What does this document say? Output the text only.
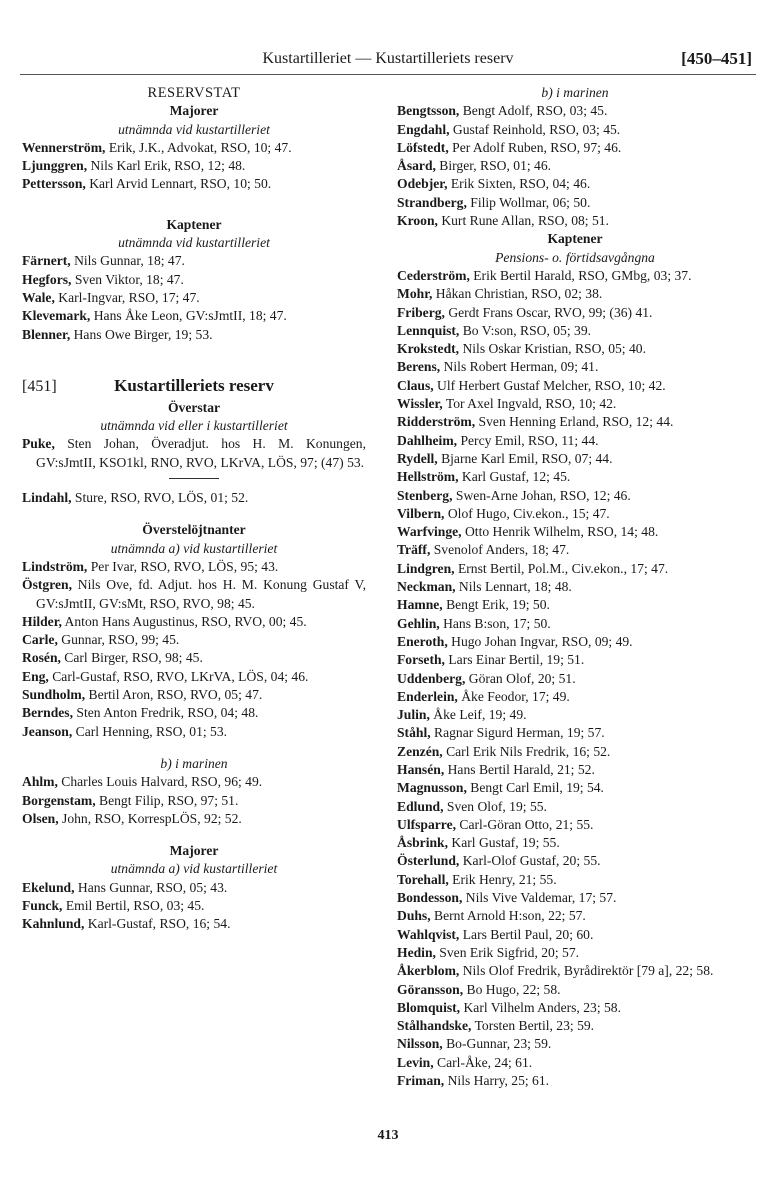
Kustartilleriet — Kustartilleriets reserv	[450–451]
RESERVSTAT
Majorer
utnämnda vid kustartilleriet
Wennerström, Erik, J.K., Advokat, RSO, 10; 47.
Ljunggren, Nils Karl Erik, RSO, 12; 48.
Pettersson, Karl Arvid Lennart, RSO, 10; 50.
Kaptener
utnämnda vid kustartilleriet
Färnert, Nils Gunnar, 18; 47.
Hegfors, Sven Viktor, 18; 47.
Wale, Karl-Ingvar, RSO, 17; 47.
Klevemark, Hans Åke Leon, GV:sJmtII, 18; 47.
Blenner, Hans Owe Birger, 19; 53.
[451]	Kustartilleriets reserv
Överstar
utnämnda vid eller i kustartilleriet
Puke, Sten Johan, Överadjut. hos H. M. Konungen, GV:sJmtII, KSO1kl, RNO, RVO, LKrVA, LÖS, 97; (47) 53.
Lindahl, Sture, RSO, RVO, LÖS, 01; 52.
Överstelöjtnanter
utnämnda a) vid kustartilleriet
Lindström, Per Ivar, RSO, RVO, LÖS, 95; 43.
Östgren, Nils Ove, fd. Adjut. hos H. M. Konung Gustaf V, GV:sJmtII, GV:sMt, RSO, RVO, 98; 45.
Hilder, Anton Hans Augustinus, RSO, RVO, 00; 45.
Carle, Gunnar, RSO, 99; 45.
Rosén, Carl Birger, RSO, 98; 45.
Eng, Carl-Gustaf, RSO, RVO, LKrVA, LÖS, 04; 46.
Sundholm, Bertil Aron, RSO, RVO, 05; 47.
Berndes, Sten Anton Fredrik, RSO, 04; 48.
Jeanson, Carl Henning, RSO, 01; 53.
b) i marinen
Ahlm, Charles Louis Halvard, RSO, 96; 49.
Borgenstam, Bengt Filip, RSO, 97; 51.
Olsen, John, RSO, KorrespLÖS, 92; 52.
Majorer
utnämnda a) vid kustartilleriet
Ekelund, Hans Gunnar, RSO, 05; 43.
Funck, Emil Bertil, RSO, 03; 45.
Kahnlund, Karl-Gustaf, RSO, 16; 54.
b) i marinen
Bengtsson, Bengt Adolf, RSO, 03; 45.
Engdahl, Gustaf Reinhold, RSO, 03; 45.
Löfstedt, Per Adolf Ruben, RSO, 97; 46.
Åsard, Birger, RSO, 01; 46.
Odebjer, Erik Sixten, RSO, 04; 46.
Strandberg, Filip Wollmar, 06; 50.
Kroon, Kurt Rune Allan, RSO, 08; 51.
Kaptener
Pensions- o. förtidsavgångna
Cederström, Erik Bertil Harald, RSO, GMbg, 03; 37.
Mohr, Håkan Christian, RSO, 02; 38.
Friberg, Gerdt Frans Oscar, RVO, 99; (36) 41.
Lennquist, Bo V:son, RSO, 05; 39.
Krokstedt, Nils Oskar Kristian, RSO, 05; 40.
Berens, Nils Robert Herman, 09; 41.
Claus, Ulf Herbert Gustaf Melcher, RSO, 10; 42.
Wissler, Tor Axel Ingvald, RSO, 10; 42.
Ridderström, Sven Henning Erland, RSO, 12; 44.
Dahlheim, Percy Emil, RSO, 11; 44.
Rydell, Bjarne Karl Emil, RSO, 07; 44.
Hellström, Karl Gustaf, 12; 45.
Stenberg, Swen-Arne Johan, RSO, 12; 46.
Vilbern, Olof Hugo, Civ.ekon., 15; 47.
Warfvinge, Otto Henrik Wilhelm, RSO, 14; 48.
Träff, Svenolof Anders, 18; 47.
Lindgren, Ernst Bertil, Pol.M., Civ.ekon., 17; 47.
Neckman, Nils Lennart, 18; 48.
Hamne, Bengt Erik, 19; 50.
Gehlin, Hans B:son, 17; 50.
Eneroth, Hugo Johan Ingvar, RSO, 09; 49.
Forseth, Lars Einar Bertil, 19; 51.
Uddenberg, Göran Olof, 20; 51.
Enderlein, Åke Feodor, 17; 49.
Julin, Åke Leif, 19; 49.
Ståhl, Ragnar Sigurd Herman, 19; 57.
Zenzén, Carl Erik Nils Fredrik, 16; 52.
Hansén, Hans Bertil Harald, 21; 52.
Magnusson, Bengt Carl Emil, 19; 54.
Edlund, Sven Olof, 19; 55.
Ulfsparre, Carl-Göran Otto, 21; 55.
Åsbrink, Karl Gustaf, 19; 55.
Österlund, Karl-Olof Gustaf, 20; 55.
Torehall, Erik Henry, 21; 55.
Bondesson, Nils Vive Valdemar, 17; 57.
Duhs, Bernt Arnold H:son, 22; 57.
Wahlqvist, Lars Bertil Paul, 20; 60.
Hedin, Sven Erik Sigfrid, 20; 57.
Åkerblom, Nils Olof Fredrik, Byrådirektör [79 a], 22; 58.
Göransson, Bo Hugo, 22; 58.
Blomquist, Karl Vilhelm Anders, 23; 58.
Stålhandske, Torsten Bertil, 23; 59.
Nilsson, Bo-Gunnar, 23; 59.
Levin, Carl-Åke, 24; 61.
Friman, Nils Harry, 25; 61.
413
